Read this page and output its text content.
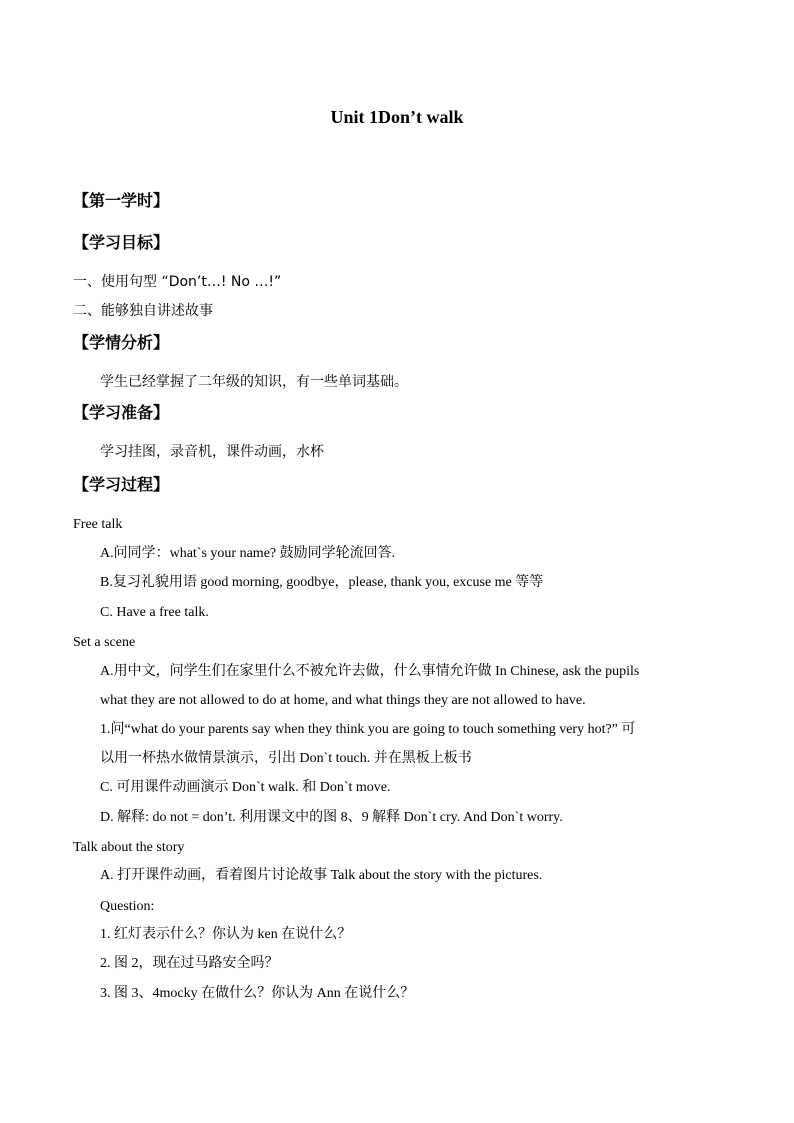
Unit 1Don’t walk
【第一学时】
【学习目标】
一、使用句型 “Don’t…! No …!”
二、能够独自讲述故事
【学情分析】
学生已经掌握了二年级的知识，有一些单词基础。
【学习准备】
学习挂图，录音机，课件动画，水杯
【学习过程】
Free talk
A.问同学：what`s your name? 鼓励同学轮流回答.
B.复习礼貌用语 good morning, goodbye，please, thank you, excuse me 等等
C. Have a free talk.
Set a scene
A.用中文，问学生们在家里什么不被允许去做，什么事情允许做 In Chinese, ask the pupils
what they are not allowed to do at home, and what things they are not allowed to have.
1.问“what do your parents say when they think you are going to touch something very hot?” 可
以用一杯热水做情景演示，引出 Don`t touch. 并在黑板上板书
C. 可用课件动画演示 Don`t walk. 和 Don`t move.
D. 解释: do not = don’t. 利用课文中的图 8、9 解释 Don`t cry. And Don`t worry.
Talk about the story
A. 打开课件动画，看着图片讨论故事 Talk about the story with the pictures.
Question:
1. 红灯表示什么？你认为 ken 在说什么？
2. 图 2，现在过马路安全吗？
3. 图 3、4mocky 在做什么？你认为 Ann 在说什么？
